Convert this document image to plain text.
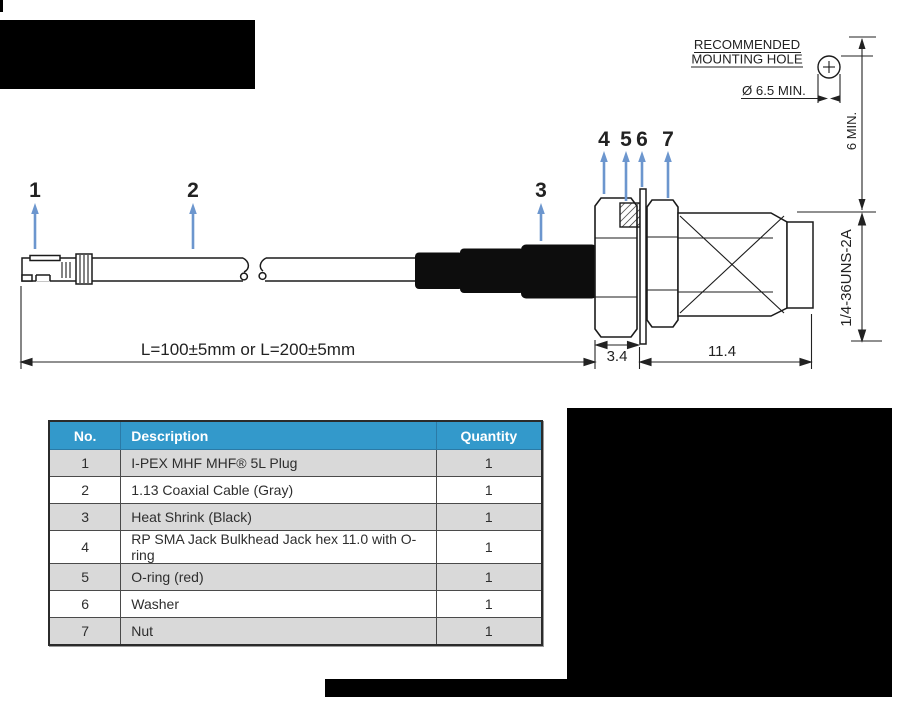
RECOMMENDED
MOUNTING HOLE
Ø 6.5 MIN.
6 MIN.
1	2	3
4 5 6 7
L=100±5mm or L=200±5mm	3.4	11.4
1/4-36UNS-2A
No.	Description	Quantity
1	I-PEX MHF MHF® 5L Plug	1
2	1.13 Coaxial Cable (Gray)	1
3	Heat Shrink (Black)	1
4	RP SMA Jack Bulkhead Jack hex 11.0 with O-ring	1
5	O-ring (red)	1
6	Washer	1
7	Nut	1
